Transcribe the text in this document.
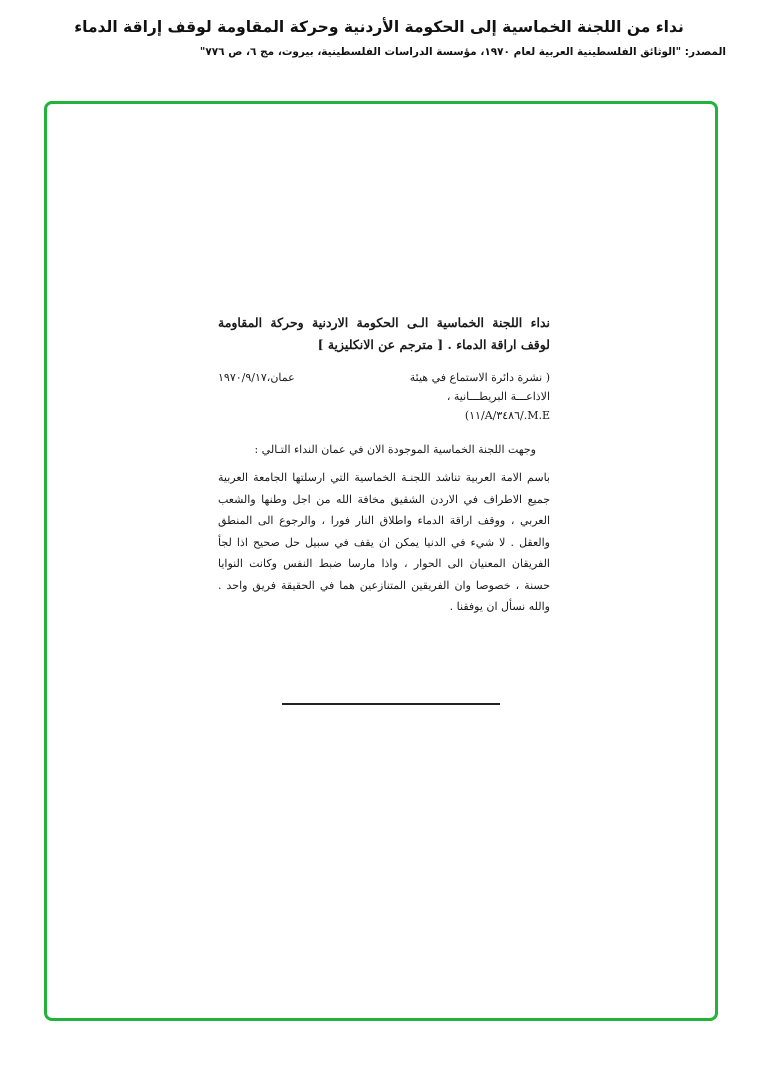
نداء من اللجنة الخماسية إلى الحكومة الأردنية وحركة المقاومة لوقف إراقة الدماء

المصدر: "الوثائق الفلسطينية العربية لعام ١٩٧٠، مؤسسة الدراسات الفلسطينية، بيروت، مج ٦، ص ٧٧٦"

نداء اللجنة الخماسية الـى الحكومة الاردنية وحركة المقاومة لوقف اراقة الدماء . [ مترجم عن الانكليزية ]

( نشرة دائرة الاستماع في هيئة
الاذاعـــة البريطـــانية ،
M.E./٣٤٨٦/A/١١)
عمان،١٩٧٠/٩/١٧

وجهت اللجنة الخماسية الموجودة الان في عمان النداء التـالي :

باسم الامة العربية تناشد اللجنـة الخماسية التي ارسلتها الجامعة العربية جميع الاطراف في الاردن الشقيق مخافة الله من اجل وطنها والشعب العربي ، ووقف اراقة الدماء واطلاق النار فورا ، والرجوع الى المنطق والعقل . لا شيء في الدنيا يمكن ان يقف في سبيل حل صحيح اذا لجأ الفريقان المعنيان الى الحوار ، واذا مارسا ضبط النفس وكانت النوايا حسنة ، خصوصا وان الفريقين المتنازعين هما في الحقيقة فريق واحد . والله نسأل ان يوفقنا .
